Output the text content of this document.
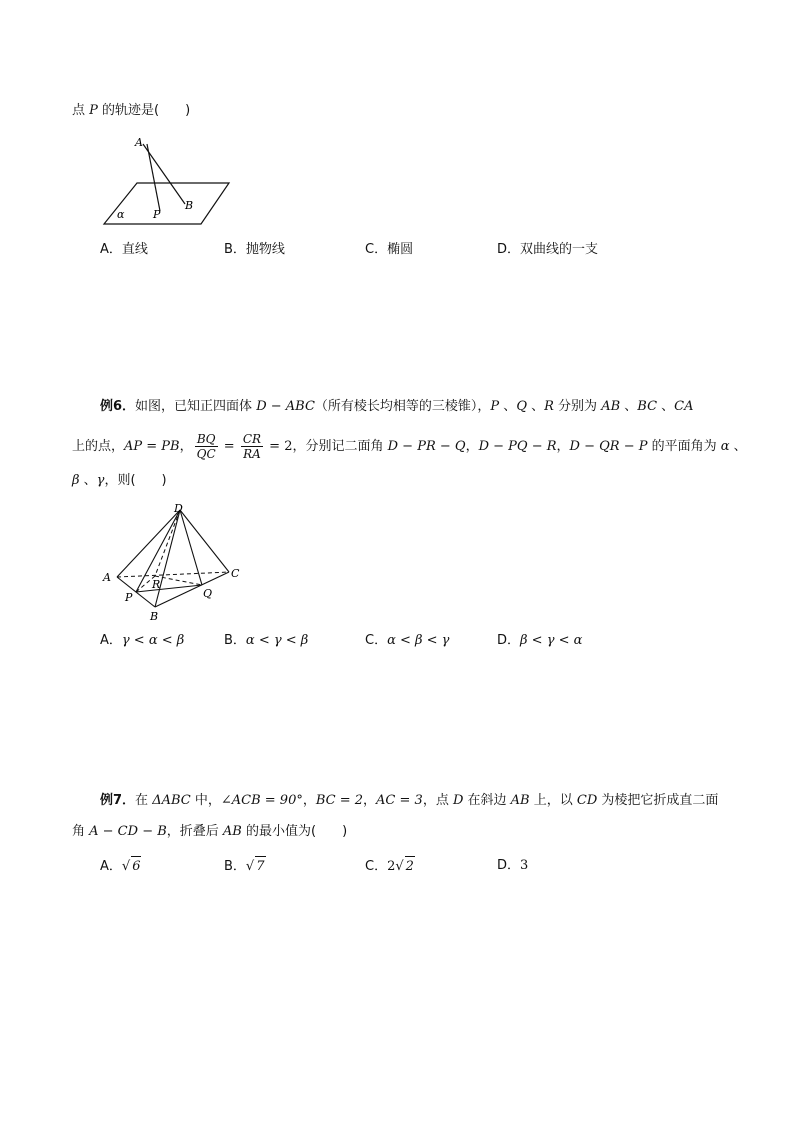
点 P 的轨迹是(　　)
A
B
P
α
A．直线	B．抛物线	C．椭圆	D．双曲线的一支
例6．如图，已知正四面体 D − ABC（所有棱长均相等的三棱锥），P 、Q 、R 分别为 AB 、BC 、CA
上的点，AP = PB， $\frac{BQ}{QC} = \frac{CR}{RA} = 2$，分别记二面角 D − PR − Q，D − PQ − R，D − QR − P 的平面角为 α 、
β 、γ，则(　　)
D
A	C
R
P	Q
B
A．γ < α < β	B．α < γ < β	C．α < β < γ	D．β < γ < α
例7．在 ΔABC 中，∠ACB = 90°，BC = 2，AC = 3，点 D 在斜边 AB 上，以 CD 为棱把它折成直二面
角 A − CD − B，折叠后 AB 的最小值为(　　)
A．√ 6	B．√ 7	C．2√ 2	D．3
